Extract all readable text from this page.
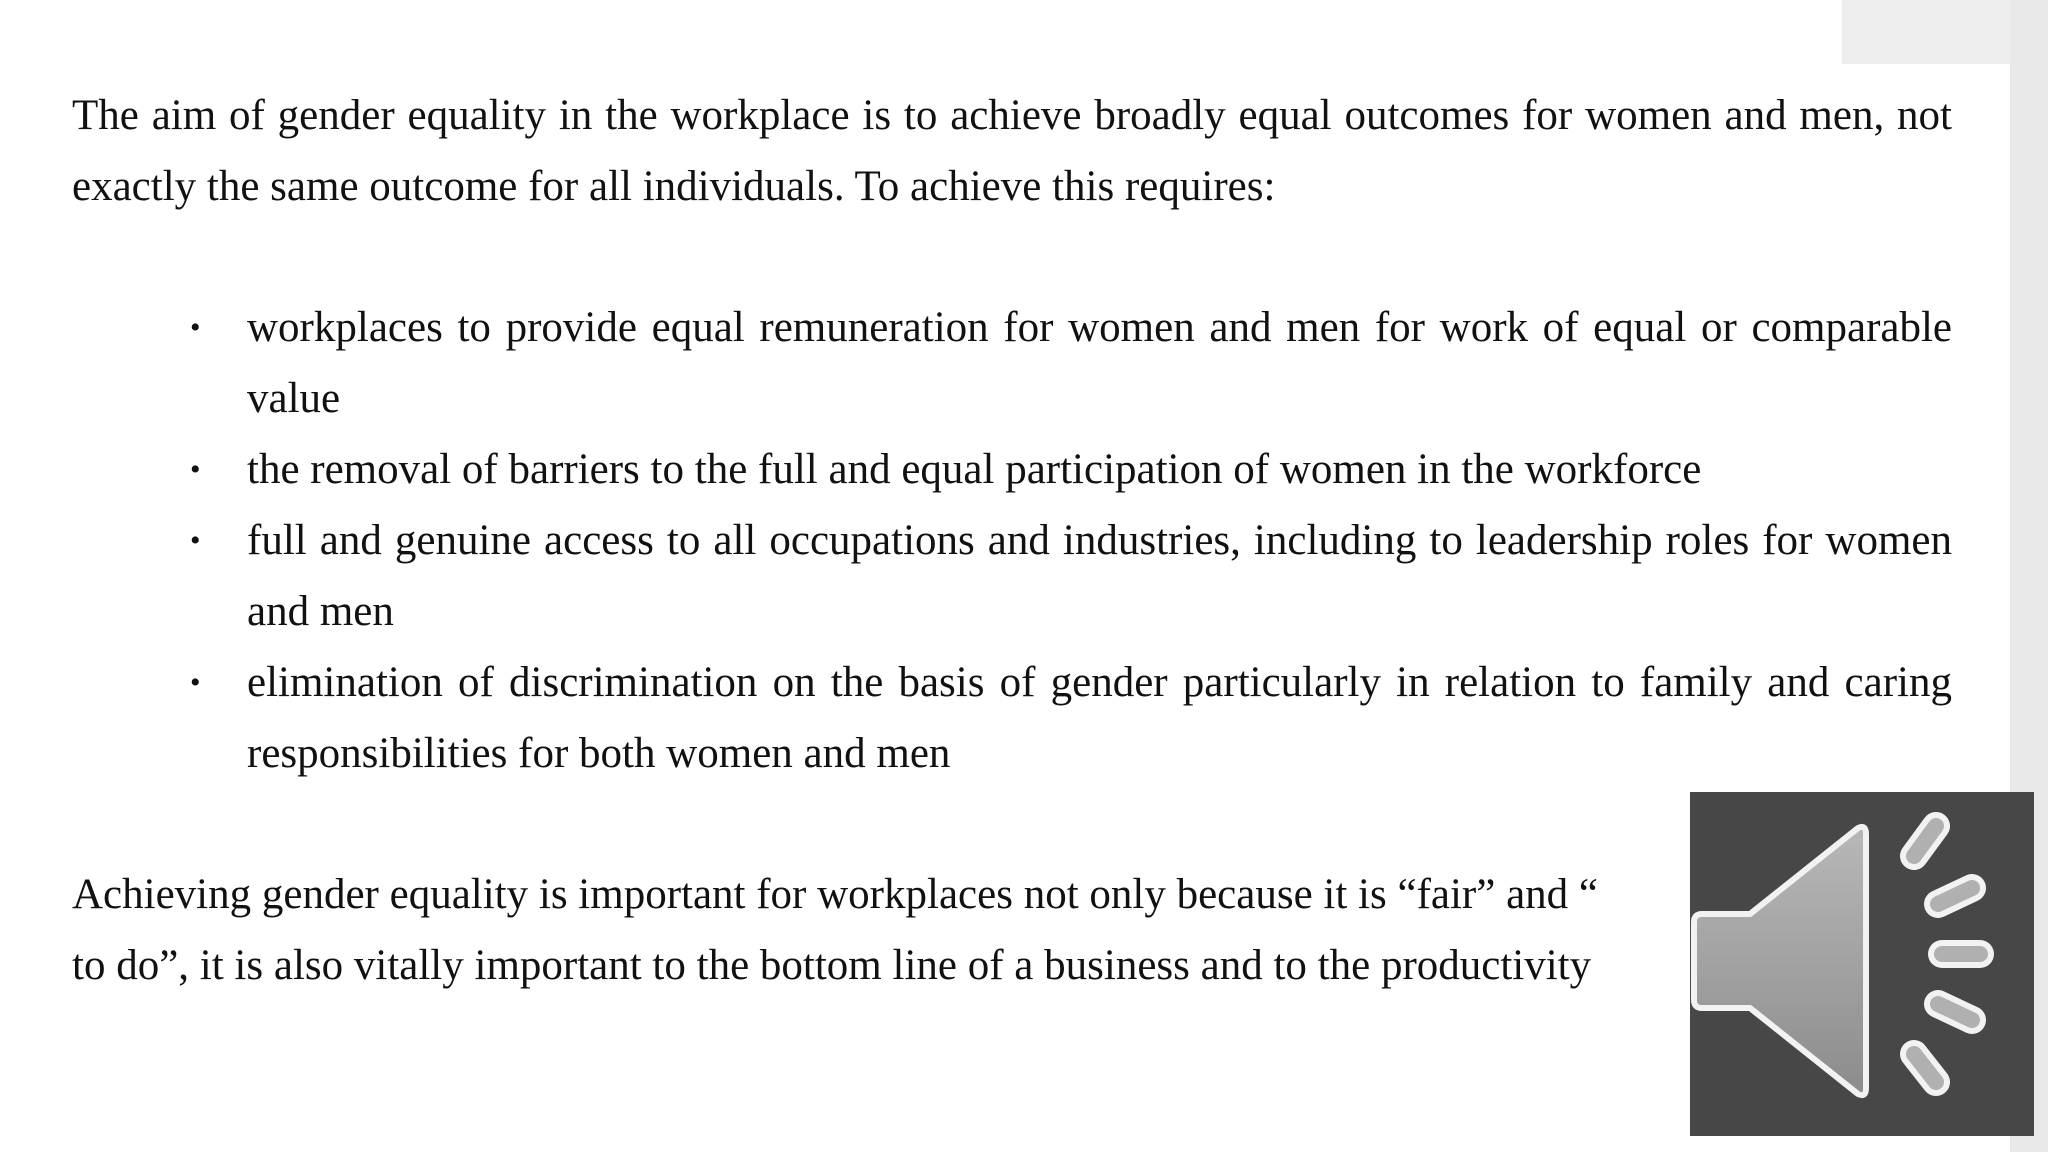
The aim of gender equality in the workplace is to achieve broadly equal outcomes for women and men, not exactly the same outcome for all individuals. To achieve this requires:

• workplaces to provide equal remuneration for women and men for work of equal or comparable value
• the removal of barriers to the full and equal participation of women in the workforce
• full and genuine access to all occupations and industries, including to leadership roles for women and men
• elimination of discrimination on the basis of gender particularly in relation to family and caring responsibilities for both women and men
Achieving gender equality is important for workplaces not only because it is “fair” and “
to do”, it is also vitally important to the bottom line of a business and to the productivity
